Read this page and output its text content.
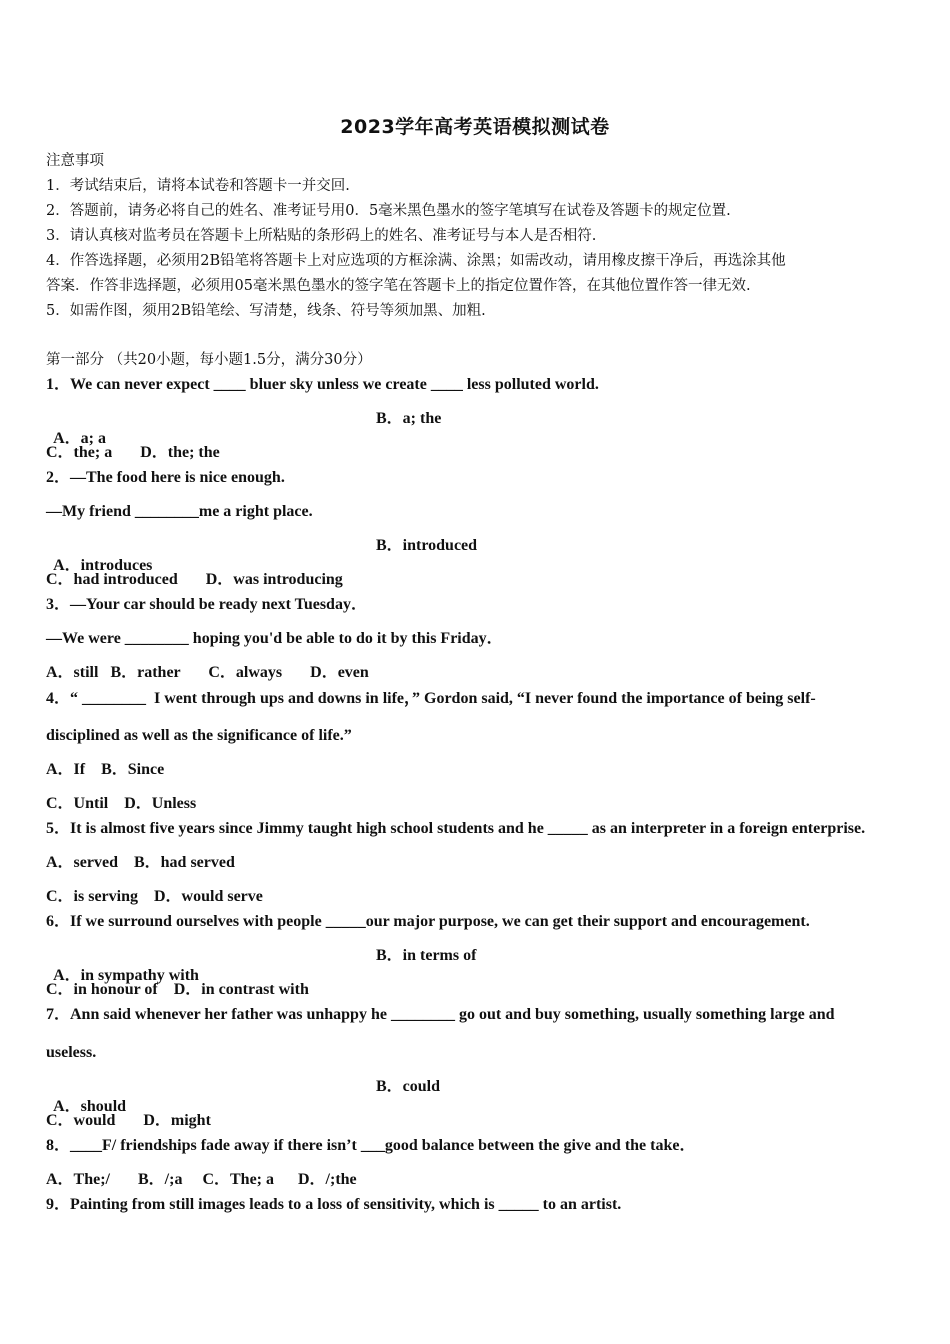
2023学年高考英语模拟测试卷
注意事项
1．考试结束后，请将本试卷和答题卡一并交回.
2．答题前，请务必将自己的姓名、准考证号用0．5毫米黑色墨水的签字笔填写在试卷及答题卡的规定位置.
3．请认真核对监考员在答题卡上所粘贴的条形码上的姓名、准考证号与本人是否相符.
4．作答选择题，必须用2B铅笔将答题卡上对应选项的方框涂满、涂黑；如需改动，请用橡皮擦干净后，再选涂其他
答案．作答非选择题，必须用05毫米黑色墨水的签字笔在答题卡上的指定位置作答，在其他位置作答一律无效.
5．如需作图，须用2B铅笔绘、写清楚，线条、符号等须加黑、加粗.
第一部分 （共20小题，每小题1.5分，满分30分）
1．We can never expect ____ bluer sky unless we create ____ less polluted world.

A．a; a

B．a; the

C．the; a       D．the; the
2．—The food here is nice enough.
—My friend ________me a right place.

A．introduces

B．introduced

C．had introduced       D．was introducing
3．—Your car should be ready next Tuesday．
—We were ________ hoping you'd be able to do it by this Friday．
A．still   B．rather       C．always       D．even
4．“ ________  I went through ups and downs in life，” Gordon said, “I never found the importance of being self-
disciplined as well as the significance of life.”
A．If    B．Since
C．Until    D．Unless
5．It is almost five years since Jimmy taught high school students and he _____ as an interpreter in a foreign enterprise.
A．served    B．had served
C．is serving    D．would serve
6．If we surround ourselves with people _____our major purpose, we can get their support and encouragement.

A．in sympathy with

B．in terms of

C．in honour of    D．in contrast with
7．Ann said whenever her father was unhappy he ________ go out and buy something, usually something large and
useless.

A．should

B．could

C．would       D．might
8．____F/ friendships fade away if there isn’t ___good balance between the give and the take．
A．The;/       B．/;a     C．The; a      D．/;the
9．Painting from still images leads to a loss of sensitivity, which is _____ to an artist.
